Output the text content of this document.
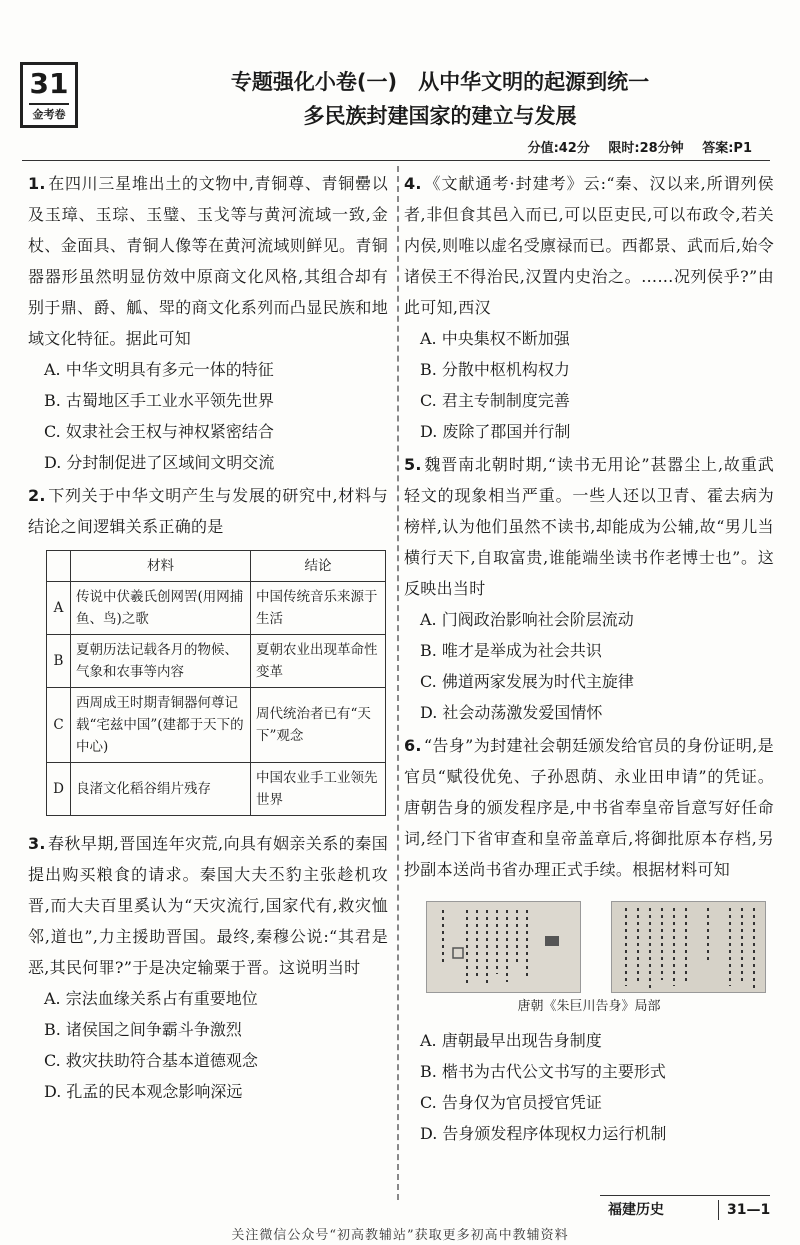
31
金考卷
专题强化小卷(一)　从中华文明的起源到统一
多民族封建国家的建立与发展
分值:42分 限时:28分钟 答案:P1
1. 在四川三星堆出土的文物中,青铜尊、青铜罍以及玉璋、玉琮、玉璧、玉戈等与黄河流域一致,金杖、金面具、青铜人像等在黄河流域则鲜见。青铜器器形虽然明显仿效中原商文化风格,其组合却有别于鼎、爵、觚、斝的商文化系列而凸显民族和地域文化特征。据此可知
A. 中华文明具有多元一体的特征
B. 古蜀地区手工业水平领先世界
C. 奴隶社会王权与神权紧密结合
D. 分封制促进了区域间文明交流
2. 下列关于中华文明产生与发展的研究中,材料与结论之间逻辑关系正确的是
	材料	结论
A	传说中伏羲氏创网罟(用网捕鱼、鸟)之歌	中国传统音乐来源于生活
B	夏朝历法记载各月的物候、气象和农事等内容	夏朝农业出现革命性变革
C	西周成王时期青铜器何尊记载“宅兹中国”(建都于天下的中心)	周代统治者已有“天下”观念
D	良渚文化稻谷绢片残存	中国农业手工业领先世界
3. 春秋早期,晋国连年灾荒,向具有姻亲关系的秦国提出购买粮食的请求。秦国大夫丕豹主张趁机攻晋,而大夫百里奚认为“天灾流行,国家代有,救灾恤邻,道也”,力主援助晋国。最终,秦穆公说:“其君是恶,其民何罪?”于是决定输粟于晋。这说明当时
A. 宗法血缘关系占有重要地位
B. 诸侯国之间争霸斗争激烈
C. 救灾扶助符合基本道德观念
D. 孔孟的民本观念影响深远
4. 《文献通考·封建考》云:“秦、汉以来,所谓列侯者,非但食其邑入而已,可以臣吏民,可以布政令,若关内侯,则唯以虚名受廪禄而已。西都景、武而后,始令诸侯王不得治民,汉置内史治之。……况列侯乎?”由此可知,西汉
A. 中央集权不断加强
B. 分散中枢机构权力
C. 君主专制制度完善
D. 废除了郡国并行制
5. 魏晋南北朝时期,“读书无用论”甚嚣尘上,故重武轻文的现象相当严重。一些人还以卫青、霍去病为榜样,认为他们虽然不读书,却能成为公辅,故“男儿当横行天下,自取富贵,谁能端坐读书作老博士也”。这反映出当时
A. 门阀政治影响社会阶层流动
B. 唯才是举成为社会共识
C. 佛道两家发展为时代主旋律
D. 社会动荡激发爱国情怀
6. “告身”为封建社会朝廷颁发给官员的身份证明,是官员“赋役优免、子孙恩荫、永业田申请”的凭证。唐朝告身的颁发程序是,中书省奉皇帝旨意写好任命词,经门下省审查和皇帝盖章后,将御批原本存档,另抄副本送尚书省办理正式手续。根据材料可知
唐朝《朱巨川告身》局部
A. 唐朝最早出现告身制度
B. 楷书为古代公文书写的主要形式
C. 告身仅为官员授官凭证
D. 告身颁发程序体现权力运行机制
福建历史	31—1
关注微信公众号“初高教辅站”获取更多初高中教辅资料
